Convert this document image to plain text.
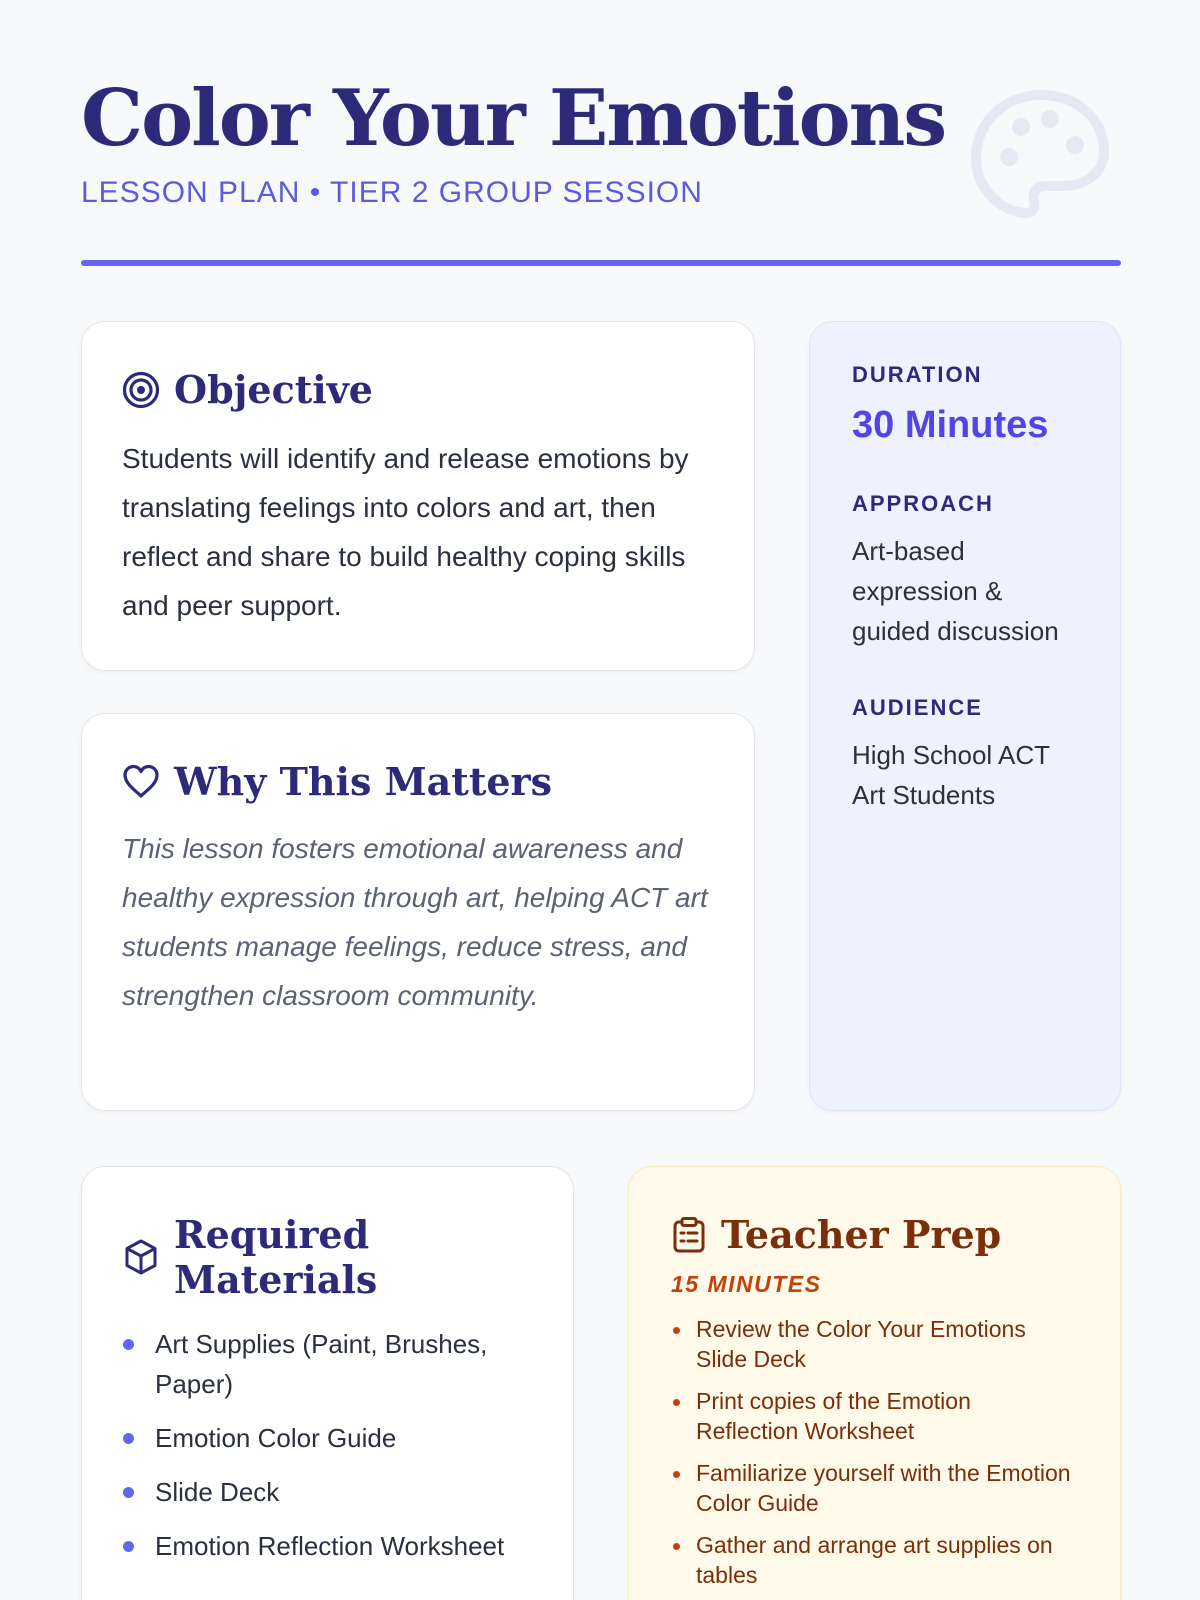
Color Your Emotions
LESSON PLAN • TIER 2 GROUP SESSION
Objective

Students will identify and release emotions by translating feelings into colors and art, then reflect and share to build healthy coping skills and peer support.

Why This Matters

This lesson fosters emotional awareness and healthy expression through art, helping ACT art students manage feelings, reduce stress, and strengthen classroom community.

DURATION
30 Minutes
APPROACH
Art-based expression & guided discussion
AUDIENCE
High School ACT Art Students
Required Materials
Art Supplies (Paint, Brushes, Paper)
Emotion Color Guide
Slide Deck
Emotion Reflection Worksheet
Teacher Prep
15 MINUTES
Review the Color Your Emotions Slide Deck
Print copies of the Emotion Reflection Worksheet
Familiarize yourself with the Emotion Color Guide
Gather and arrange art supplies on tables
